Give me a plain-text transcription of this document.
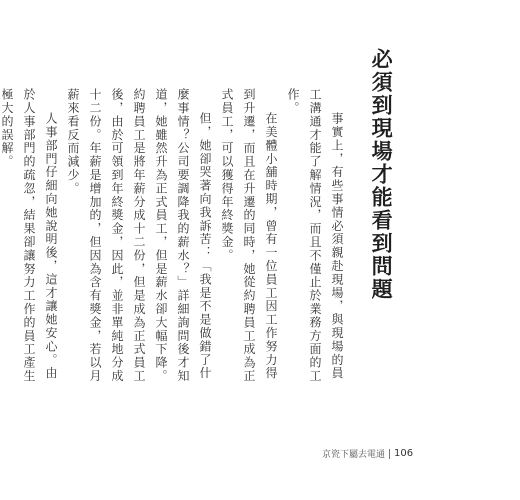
必須到現場才能看到問題

事實上，有些事情必須親赴現場，與現場的員工溝通才能了解情況，而且不僅止於業務方面的工作。

在美體小舖時期，曾有一位員工因工作努力得到升遷，而且在升遷的同時，她從約聘員工成為正式員工，可以獲得年終獎金。

但，她卻哭著向我訴苦：「我是不是做錯了什麼事情？公司要調降我的薪水？」詳細詢問後才知道，她雖然升為正式員工，但是薪水卻大幅下降。約聘員工是將年薪分成十二份，但是成為正式員工後，由於可領到年終獎金，因此，並非單純地分成十二份。年薪是增加的，但因為含有獎金，若以月薪來看反而減少。

人事部門仔細向她說明後，這才讓她安心。由於人事部門的疏忽，結果卻讓努力工作的員工產生極大的誤解。

京瓷下屬去電通 106
